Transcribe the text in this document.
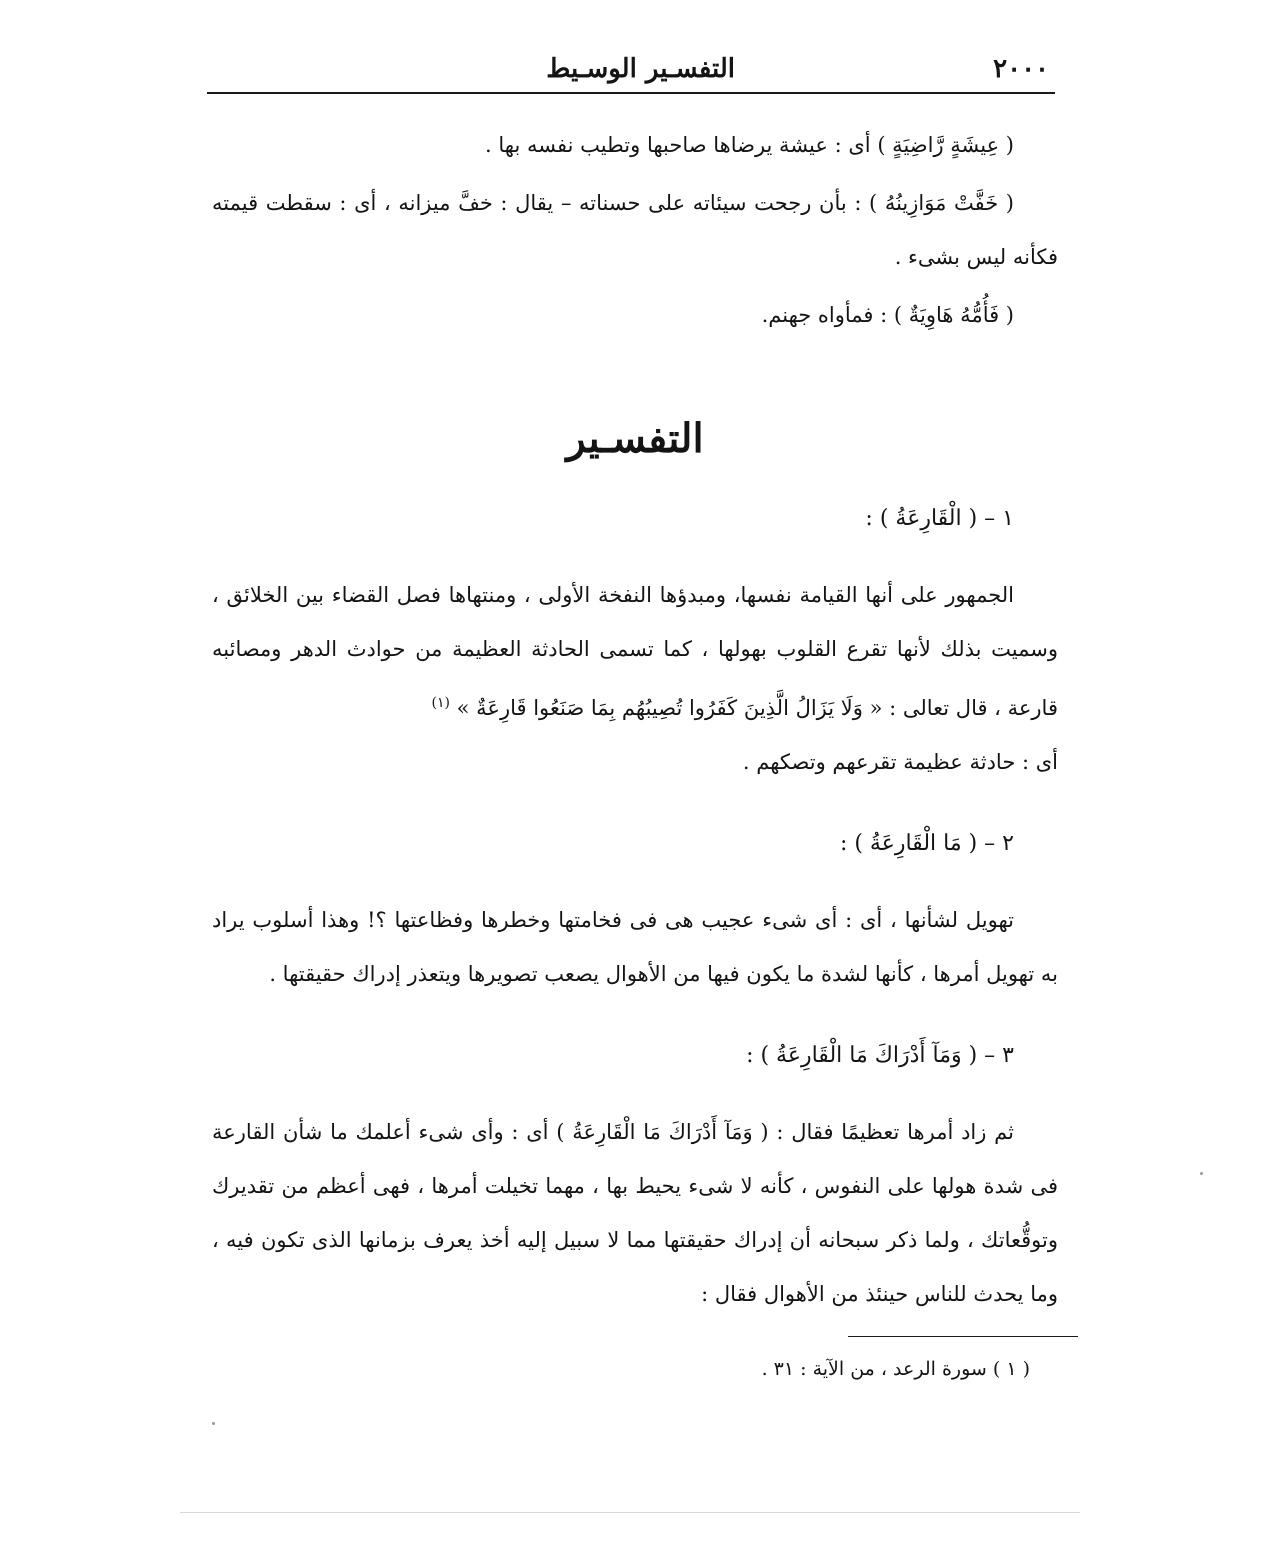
٢٠٠٠
التفسـير الوسـيط

( عِيشَةٍ رَّاضِيَةٍ ) أى : عيشة يرضاها صاحبها وتطيب نفسه بها .

( خَفَّتْ مَوَازِينُهُ ) : بأن رجحت سيئاته على حسناته – يقال : خفَّ ميزانه ، أى : سقطت قيمته فكأنه ليس بشىء .

( فَأُمُّهُ هَاوِيَةٌ ) : فمأواه جهنم.

التفسـير
١ – ( الْقَارِعَةُ ) :

الجمهور على أنها القيامة نفسها، ومبدؤها النفخة الأولى ، ومنتهاها فصل القضاء بين الخلائق ، وسميت بذلك لأنها تقرع القلوب بهولها ، كما تسمى الحادثة العظيمة من حوادث الدهر ومصائبه قارعة ، قال تعالى : « وَلَا يَزَالُ الَّذِينَ كَفَرُوا تُصِيبُهُم بِمَا صَنَعُوا قَارِعَةٌ » $^{(١)}$

أى : حادثة عظيمة تقرعهم وتصكهم .

٢ – ( مَا الْقَارِعَةُ ) :

تهويل لشأنها ، أى : أى شىء عجيب هى فى فخامتها وخطرها وفظاعتها ؟! وهذا أسلوب يراد به تهويل أمرها ، كأنها لشدة ما يكون فيها من الأهوال يصعب تصويرها ويتعذر إدراك حقيقتها .

٣ – ( وَمَآ أَدْرَاكَ مَا الْقَارِعَةُ ) :

ثم زاد أمرها تعظيمًا فقال : ( وَمَآ أَدْرَاكَ مَا الْقَارِعَةُ ) أى : وأى شىء أعلمك ما شأن القارعة فى شدة هولها على النفوس ، كأنه لا شىء يحيط بها ، مهما تخيلت أمرها ، فهى أعظم من تقديرك وتوقُّعاتك ، ولما ذكر سبحانه أن إدراك حقيقتها مما لا سبيل إليه أخذ يعرف بزمانها الذى تكون فيه ، وما يحدث للناس حينئذ من الأهوال فقال :

( ١ ) سورة الرعد ، من الآية : ٣١ .
